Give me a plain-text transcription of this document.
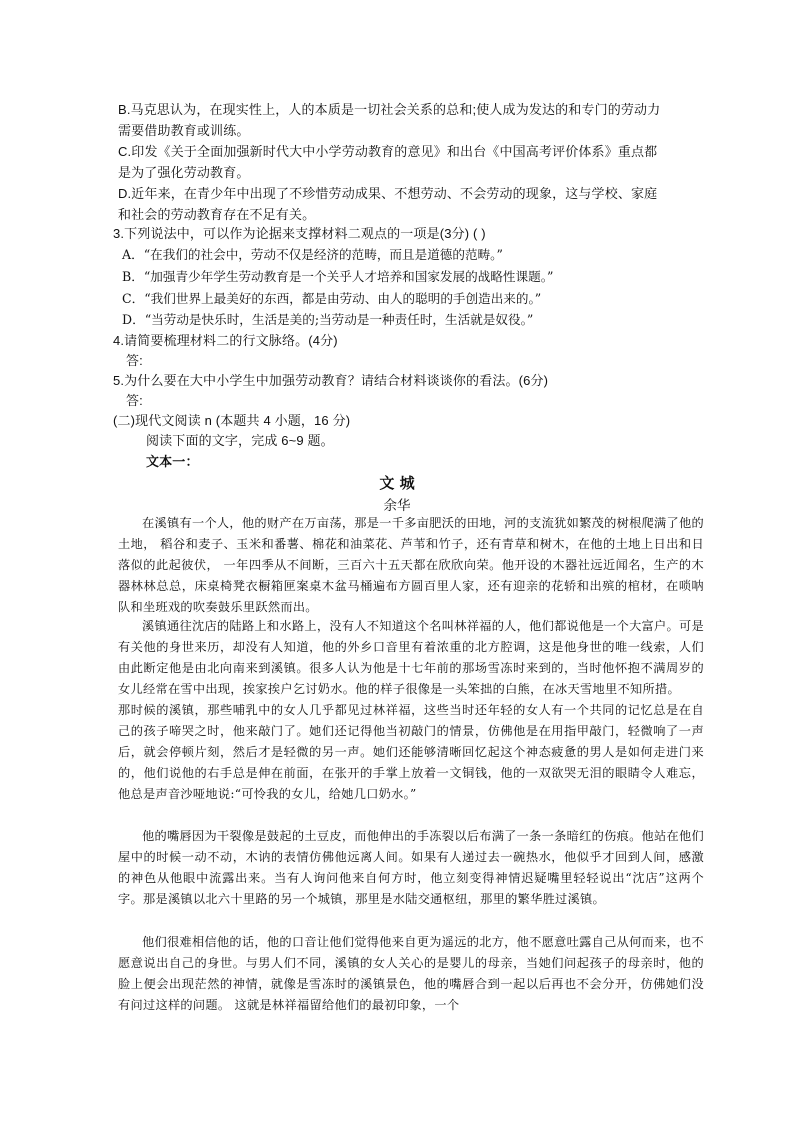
B.马克思认为，在现实性上，人的本质是一切社会关系的总和;使人成为发达的和专门的劳动力
需要借助教育或训练。
C.印发《关于全面加强新时代大中小学劳动教育的意见》和出台《中国高考评价体系》重点都
是为了强化劳动教育。
D.近年来，在青少年中出现了不珍惜劳动成果、不想劳动、不会劳动的现象，这与学校、家庭
和社会的劳动教育存在不足有关。
3.下列说法中，可以作为论据来支撑材料二观点的一项是(3分) ( )
A．“在我们的社会中，劳动不仅是经济的范畴，而且是道德的范畴。”
B．“加强青少年学生劳动教育是一个关乎人才培养和国家发展的战略性课题。”
C．“我们世界上最美好的东西，都是由劳动、由人的聪明的手创造出来的。”
D．“当劳动是快乐时，生活是美的;当劳动是一种责任时，生活就是奴役。”
4.请简要梳理材料二的行文脉络。(4分)
答:
5.为什么要在大中小学生中加强劳动教育？请结合材料谈谈你的看法。(6分)
答:
(二)现代文阅读 n (本题共 4 小题，16 分)
阅读下面的文字，完成 6~9 题。
文本一：
文 城
余华
在溪镇有一个人，他的财产在万亩荡，那是一千多亩肥沃的田地，河的支流犹如繁茂的树根爬满了他的土地， 稻谷和麦子、玉米和番薯、棉花和油菜花、芦苇和竹子，还有青草和树木，在他的土地上日出和日落似的此起彼伏， 一年四季从不间断，三百六十五天都在欣欣向荣。他开设的木器社远近闻名，生产的木器林林总总，床桌椅凳衣橱箱匣案桌木盆马桶遍布方圆百里人家，还有迎亲的花轿和出殡的棺材，在唢呐队和坐班戏的吹奏鼓乐里跃然而出。
溪镇通往沈店的陆路上和水路上，没有人不知道这个名叫林祥福的人，他们都说他是一个大富户。可是有关他的身世来历，却没有人知道，他的外乡口音里有着浓重的北方腔调，这是他身世的唯一线索，人们由此断定他是由北向南来到溪镇。很多人认为他是十七年前的那场雪冻时来到的，当时他怀抱不满周岁的女儿经常在雪中出现，挨家挨户乞讨奶水。他的样子很像是一头笨拙的白熊，在冰天雪地里不知所措。
那时候的溪镇，那些哺乳中的女人几乎都见过林祥福，这些当时还年轻的女人有一个共同的记忆总是在自己的孩子啼哭之时，他来敲门了。她们还记得他当初敲门的情景，仿佛他是在用指甲敲门，轻微响了一声后，就会停顿片刻，然后才是轻微的另一声。她们还能够清晰回忆起这个神态疲惫的男人是如何走进门来的，他们说他的右手总是伸在前面，在张开的手掌上放着一文铜钱，他的一双欲哭无泪的眼睛令人难忘，他总是声音沙哑地说:“可怜我的女儿，给她几口奶水。”
他的嘴唇因为干裂像是鼓起的土豆皮，而他伸出的手冻裂以后布满了一条一条暗红的伤痕。他站在他们屋中的时候一动不动，木讷的表情仿佛他远离人间。如果有人递过去一碗热水，他似乎才回到人间，感激的神色从他眼中流露出来。当有人询问他来自何方时，他立刻变得神情迟疑嘴里轻轻说出“沈店”这两个字。那是溪镇以北六十里路的另一个城镇，那里是水陆交通枢纽，那里的繁华胜过溪镇。
他们很难相信他的话，他的口音让他们觉得他来自更为遥远的北方，他不愿意吐露自己从何而来，也不愿意说出自己的身世。与男人们不同，溪镇的女人关心的是婴儿的母亲，当她们问起孩子的母亲时，他的脸上便会出现茫然的神情，就像是雪冻时的溪镇景色，他的嘴唇合到一起以后再也不会分开，仿佛她们没有问过这样的问题。 这就是林祥福留给他们的最初印象，一个
